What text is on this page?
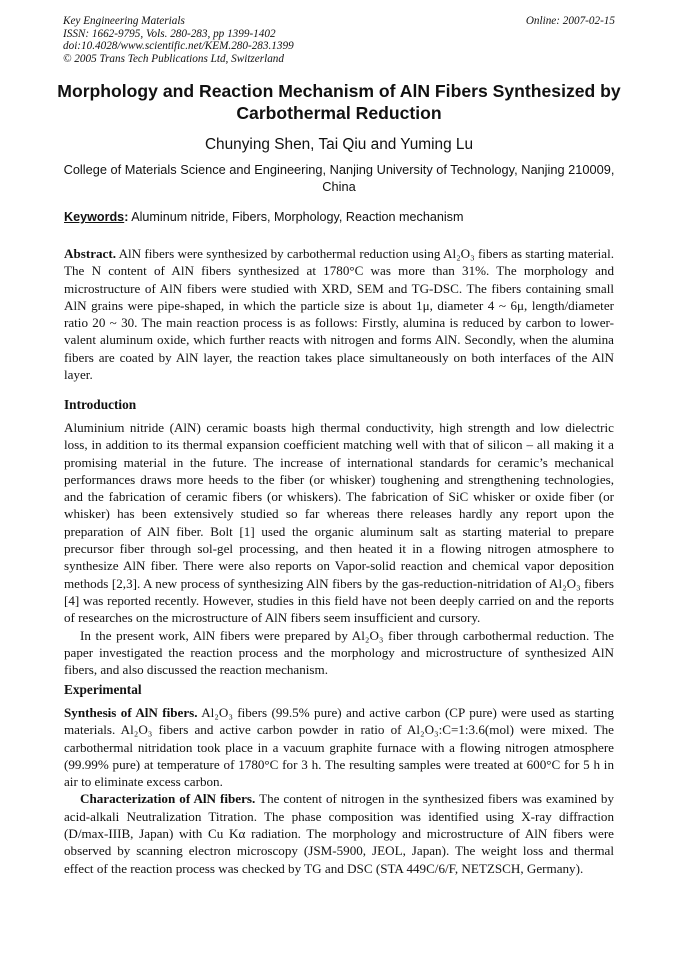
Key Engineering Materials
ISSN: 1662-9795, Vols. 280-283, pp 1399-1402
doi:10.4028/www.scientific.net/KEM.280-283.1399
© 2005 Trans Tech Publications Ltd, Switzerland
Online: 2007-02-15
Morphology and Reaction Mechanism of AlN Fibers Synthesized by Carbothermal Reduction
Chunying Shen, Tai Qiu and Yuming Lu
College of Materials Science and Engineering, Nanjing University of Technology, Nanjing 210009, China
Keywords: Aluminum nitride, Fibers, Morphology, Reaction mechanism

Abstract. AlN fibers were synthesized by carbothermal reduction using Al₂O₃ fibers as starting material. The N content of AlN fibers synthesized at 1780°C was more than 31%. The morphology and microstructure of AlN fibers were studied with XRD, SEM and TG-DSC. The fibers containing small AlN grains were pipe-shaped, in which the particle size is about 1μ, diameter 4 ~ 6μ, length/diameter ratio 20 ~ 30. The main reaction process is as follows: Firstly, alumina is reduced by carbon to lower-valent aluminum oxide, which further reacts with nitrogen and forms AlN. Secondly, when the alumina fibers are coated by AlN layer, the reaction takes place simultaneously on both interfaces of the AlN layer.

Introduction

Aluminium nitride (AlN) ceramic boasts high thermal conductivity, high strength and low dielectric loss, in addition to its thermal expansion coefficient matching well with that of silicon – all making it a promising material in the future. The increase of international standards for ceramic’s mechanical performances draws more heeds to the fiber (or whisker) toughening and strengthening technologies, and the fabrication of ceramic fibers (or whiskers). The fabrication of SiC whisker or oxide fiber (or whisker) has been extensively studied so far whereas there releases hardly any report upon the preparation of AlN fiber. Bolt [1] used the organic aluminum salt as starting material to prepare precursor fiber through sol-gel processing, and then heated it in a flowing nitrogen atmosphere to synthesize AlN fiber. There were also reports on Vapor-solid reaction and chemical vapor deposition methods [2,3]. A new process of synthesizing AlN fibers by the gas-reduction-nitridation of Al₂O₃ fibers [4] was reported recently. However, studies in this field have not been deeply carried on and the reports of researches on the microstructure of AlN fibers seem insufficient and cursory.

In the present work, AlN fibers were prepared by Al₂O₃ fiber through carbothermal reduction. The paper investigated the reaction process and the morphology and microstructure of synthesized AlN fibers, and also discussed the reaction mechanism.

Experimental

Synthesis of AlN fibers. Al₂O₃ fibers (99.5% pure) and active carbon (CP pure) were used as starting materials. Al₂O₃ fibers and active carbon powder in ratio of Al₂O₃:C=1:3.6(mol) were mixed. The carbothermal nitridation took place in a vacuum graphite furnace with a flowing nitrogen atmosphere (99.99% pure) at temperature of 1780°C for 3 h. The resulting samples were treated at 600°C for 5 h in air to eliminate excess carbon.

Characterization of AlN fibers. The content of nitrogen in the synthesized fibers was examined by acid-alkali Neutralization Titration. The phase composition was identified using X-ray diffraction (D/max-IIIB, Japan) with Cu Kα radiation. The morphology and microstructure of AlN fibers were observed by scanning electron microscopy (JSM-5900, JEOL, Japan). The weight loss and thermal effect of the reaction process was checked by TG and DSC (STA 449C/6/F, NETZSCH, Germany).
